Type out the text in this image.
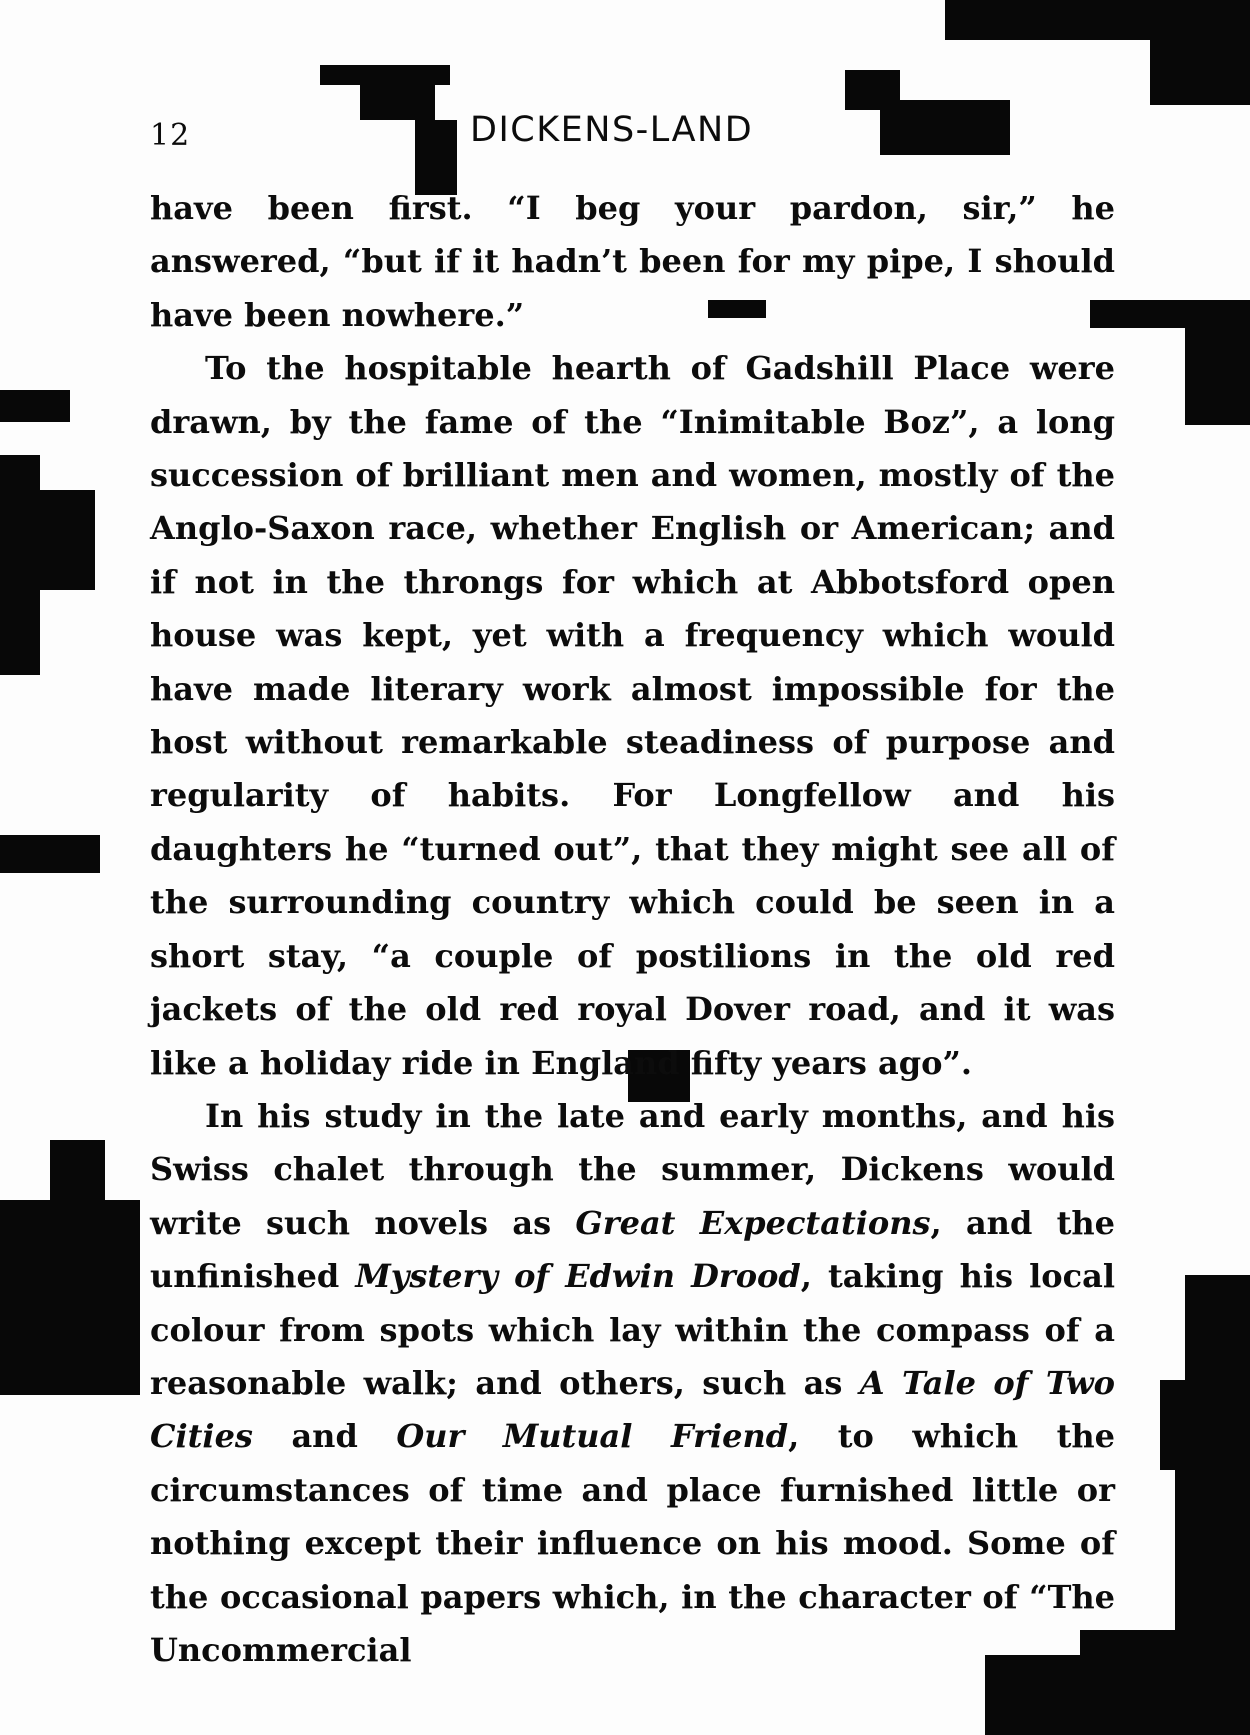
12	DICKENS-LAND

have been first. “I beg your pardon, sir,” he answered, “but if it hadn’t been for my pipe, I should have been nowhere.”

To the hospitable hearth of Gadshill Place were drawn, by the fame of the “Inimitable Boz”, a long succession of brilliant men and women, mostly of the Anglo-Saxon race, whether English or American; and if not in the throngs for which at Abbotsford open house was kept, yet with a frequency which would have made literary work almost impossible for the host without remarkable steadiness of purpose and regularity of habits. For Longfellow and his daughters he “turned out”, that they might see all of the surrounding country which could be seen in a short stay, “a couple of postilions in the old red jackets of the old red royal Dover road, and it was like a holiday ride in England fifty years ago”.

In his study in the late and early months, and his Swiss chalet through the summer, Dickens would write such novels as Great Expectations, and the unfinished Mystery of Edwin Drood, taking his local colour from spots which lay within the compass of a reasonable walk; and others, such as A Tale of Two Cities and Our Mutual Friend, to which the circumstances of time and place furnished little or nothing except their influence on his mood. Some of the occasional papers which, in the character of “The Uncommercial
